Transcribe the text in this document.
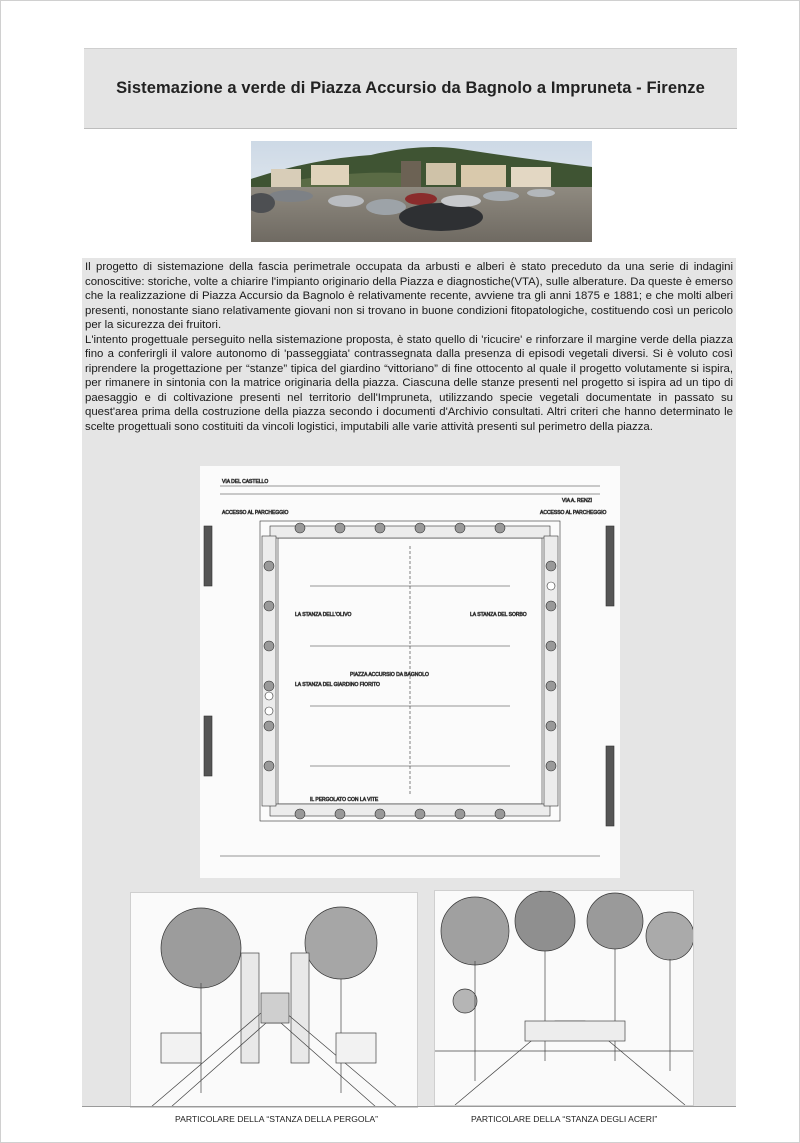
Sistemazione a verde di Piazza Accursio da Bagnolo a Impruneta - Firenze

Il progetto di sistemazione della fascia perimetrale occupata da arbusti e alberi è stato preceduto da una serie di indagini conoscitive: storiche, volte a chiarire l'impianto originario della Piazza e diagnostiche(VTA), sulle alberature. Da queste è emerso che la realizzazione di Piazza Accursio da Bagnolo è relativamente recente, avviene tra gli anni 1875 e 1881; e che molti alberi presenti, nonostante siano relativamente giovani non si trovano in buone condizioni fitopatologiche, costituendo così un pericolo per la sicurezza dei fruitori.

L'intento progettuale perseguito nella sistemazione proposta, è stato quello di 'ricucire' e rinforzare il margine verde della piazza fino a conferirgli il valore autonomo di 'passeggiata' contrassegnata dalla presenza di episodi vegetali diversi. Si è voluto così riprendere la progettazione per “stanze” tipica del giardino “vittoriano” di fine ottocento al quale il progetto volutamente si ispira, per rimanere in sintonia con la matrice originaria della piazza. Ciascuna delle stanze presenti nel progetto si ispira ad un tipo di paesaggio e di coltivazione presenti nel territorio dell'Impruneta, utilizzando specie vegetali documentate in passato su quest'area prima della costruzione della piazza secondo i documenti d'Archivio consultati. Altri criteri che hanno determinato le scelte progettuali sono costituiti da vincoli logistici, imputabili alle varie attività presenti sul perimetro della piazza.

PIAZZA ACCURSIO DA BAGNOLO
ACCESSO AL PARCHEGGIO	ACCESSO AL PARCHEGGIO
LA STANZA DELL'OLIVO	LA STANZA DEL SORBO
IL PERGOLATO CON LA VITE
LA STANZA DEL GIARDINO FIORITO
VIA DEL CASTELLO
VIA A. RENZI
PARTICOLARE DELLA “STANZA DELLA PERGOLA”	PARTICOLARE DELLA “STANZA DEGLI ACERI”
